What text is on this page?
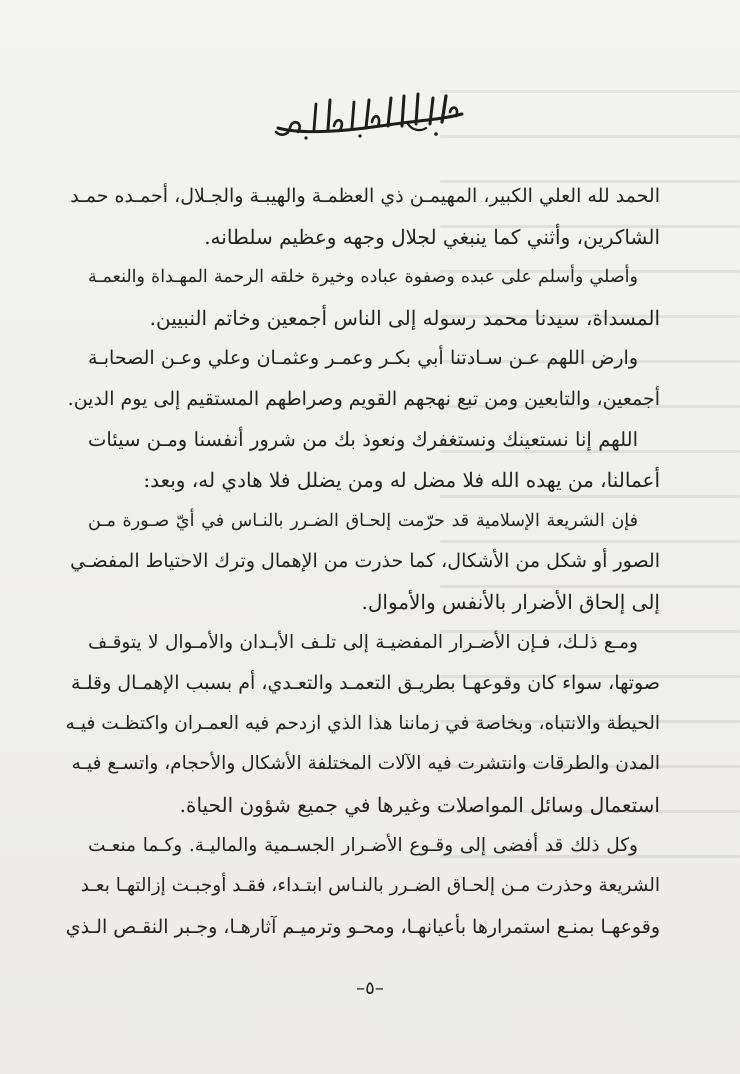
الحمد لله العلي الكبير، المهيمـن ذي العظمـة والهيبـة والجـلال، أحمـده حمـد
الشاكرين، وأثني كما ينبغي لجلال وجهه وعظيم سلطانه.

وأصلي وأسلم على عبده وصفوة عباده وخيرة خلقه الرحمة المهـداة والنعمـة
المسداة، سيدنا محمد رسوله إلى الناس أجمعين وخاتم النبيين.

وارض اللهم عـن سـادتنا أبي بكـر وعمـر وعثمـان وعلي وعـن الصحابـة
أجمعين، والتابعين ومن تبع نهجهم القويم وصراطهم المستقيم إلى يوم الدين.

اللهم إنا نستعينك ونستغفرك ونعوذ بك من شرور أنفسنا ومـن سيئات
أعمالنا، من يهده الله فلا مضل له ومن يضلل فلا هادي له، وبعد:

فإن الشريعة الإسلامية قد حرّمت إلحـاق الضـرر بالنـاس في أيّ صـورة مـن
الصور أو شكل من الأشكال، كما حذرت من الإهمال وترك الاحتياط المفضـي
إلى إلحاق الأضرار بالأنفس والأموال.

ومـع ذلـك، فـإن الأضـرار المفضيـة إلى تلـف الأبـدان والأمـوال لا يتوقـف
صوتها، سواء كان وقوعهـا بطريـق التعمـد والتعـدي، أم بسبب الإهمـال وقلـة
الحيطة والانتباه، وبخاصة في زماننا هذا الذي ازدحم فيه العمـران واكتظـت فيـه
المدن والطرقات وانتشرت فيه الآلات المختلفة الأشكال والأحجام، واتسـع فيـه
استعمال وسائل المواصلات وغيرها في جميع شؤون الحياة.

وكل ذلك قد أفضى إلى وقـوع الأضـرار الجسـمية والماليـة. وكـما منعـت
الشريعة وحذرت مـن إلحـاق الضـرر بالنـاس ابتـداء، فقـد أوجبـت إزالتهـا بعـد
وقوعهـا بمنـع استمرارها بأعيانهـا، ومحـو وترميـم آثارهـا، وجـبر النقـص الـذي

–٥–
